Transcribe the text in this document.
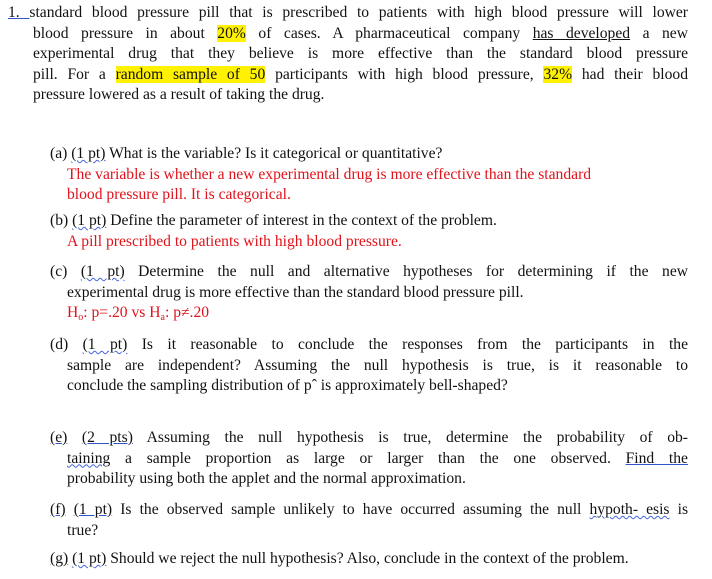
1. standard blood pressure pill that is prescribed to patients with high blood pressure will lower
blood pressure in about 20% of cases. A pharmaceutical company has developed a new
experimental drug that they believe is more effective than the standard blood pressure
pill. For a random sample of 50 participants with high blood pressure, 32% had their blood
pressure lowered as a result of taking the drug.
(a) (1 pt) What is the variable? Is it categorical or quantitative?
The variable is whether a new experimental drug is more effective than the standard
blood pressure pill. It is categorical.
(b) (1 pt) Define the parameter of interest in the context of the problem.
A pill prescribed to patients with high blood pressure.
(c) (1 pt) Determine the null and alternative hypotheses for determining if the new
experimental drug is more effective than the standard blood pressure pill.
$H_o$: p=.20 vs $H_a$: p≠.20
(d) (1 pt) Is it reasonable to conclude the responses from the participants in the
sample are independent? Assuming the null hypothesis is true, is it reasonable to
conclude the sampling distribution of pˆ is approximately bell-shaped?
(e) (2 pts) Assuming the null hypothesis is true, determine the probability of ob-
taining a sample proportion as large or larger than the one observed. Find the
probability using both the applet and the normal approximation.
(f) (1 pt) Is the observed sample unlikely to have occurred assuming the null hypoth- esis is
true?
(g) (1 pt) Should we reject the null hypothesis? Also, conclude in the context of the problem.
